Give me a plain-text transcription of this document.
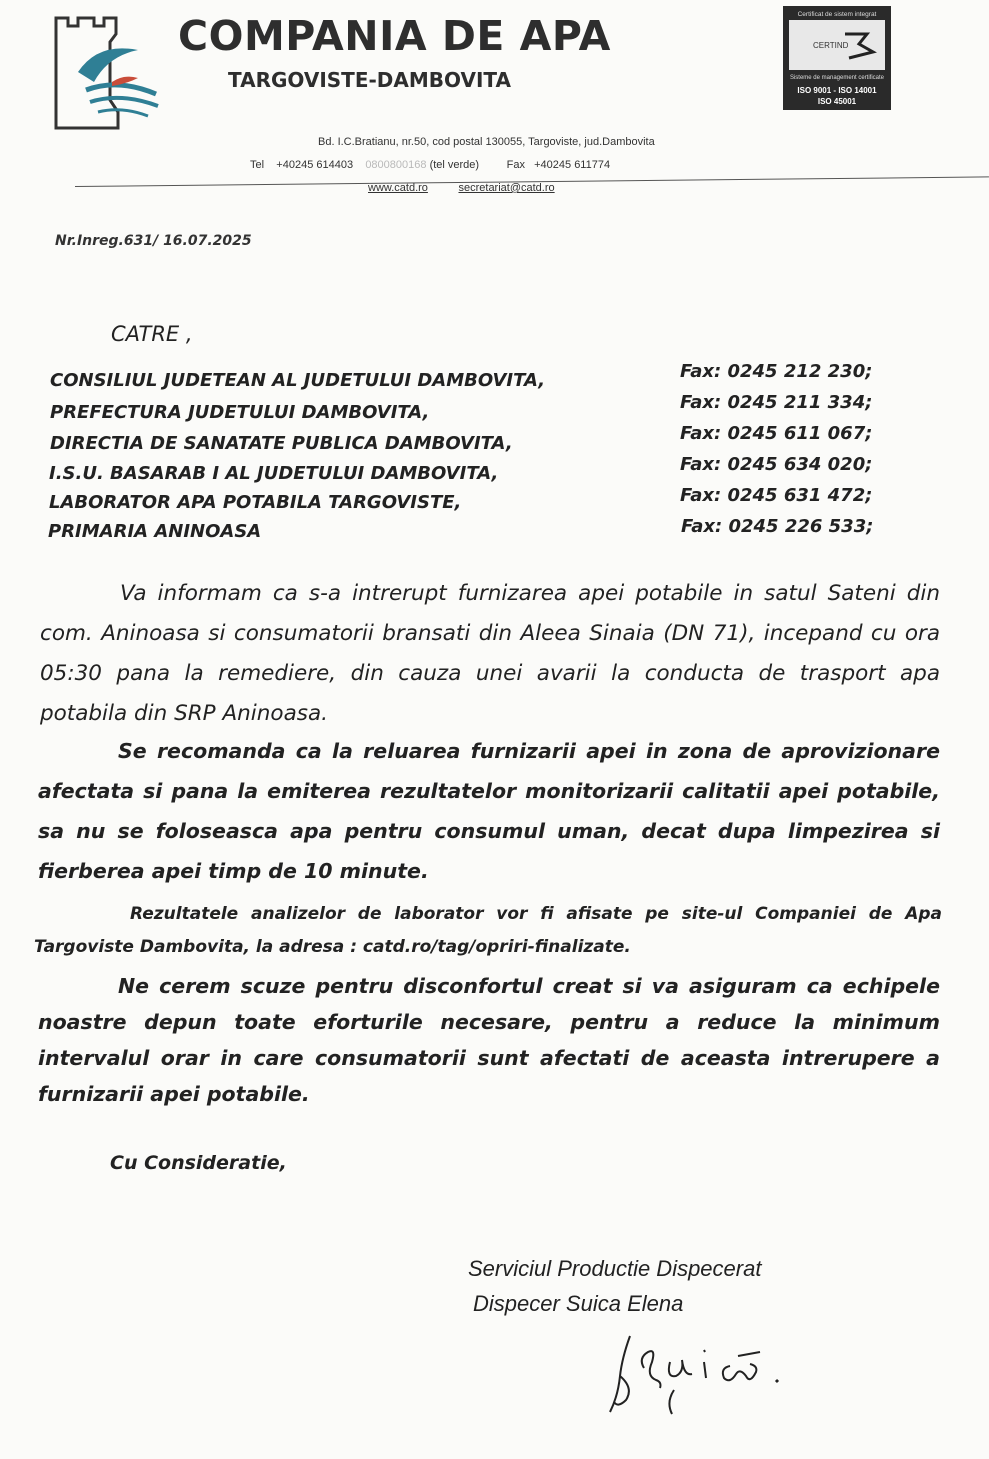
COMPANIA DE APA
TARGOVISTE-DAMBOVITA
Certificat de sistem integrat
CERTIND
Sisteme de management certificate
ISO 9001 - ISO 14001
ISO 45001
Bd. I.C.Bratianu, nr.50, cod postal 130055, Targoviste, jud.Dambovita
Tel +40245 614403 0800800168 (tel verde)	Fax +40245 611774
www.catd.ro	secretariat@catd.ro
Nr.Inreg.631/ 16.07.2025
CATRE ,
CONSILIUL JUDETEAN AL JUDETULUI DAMBOVITA,
PREFECTURA JUDETULUI DAMBOVITA,
DIRECTIA DE SANATATE PUBLICA DAMBOVITA,
I.S.U. BASARAB I AL JUDETULUI DAMBOVITA,
LABORATOR APA POTABILA TARGOVISTE,
PRIMARIA ANINOASA
Fax: 0245 212 230;
Fax: 0245 211 334;
Fax: 0245 611 067;
Fax: 0245 634 020;
Fax: 0245 631 472;
Fax: 0245 226 533;
Va informam ca s-a intrerupt furnizarea apei potabile in satul Sateni din com. Aninoasa si consumatorii bransati din Aleea Sinaia (DN 71), incepand cu ora 05:30 pana la remediere, din cauza unei avarii la conducta de trasport apa potabila din SRP Aninoasa.
Se recomanda ca la reluarea furnizarii apei in zona de aprovizionare afectata si pana la emiterea rezultatelor monitorizarii calitatii apei potabile, sa nu se foloseasca apa pentru consumul uman, decat dupa limpezirea si fierberea apei timp de 10 minute.
Rezultatele analizelor de laborator vor fi afisate pe site-ul Companiei de Apa Targoviste Dambovita, la adresa : catd.ro/tag/opriri-finalizate.
Ne cerem scuze pentru disconfortul creat si va asiguram ca echipele noastre depun toate eforturile necesare, pentru a reduce la minimum intervalul orar in care consumatorii sunt afectati de aceasta intrerupere a furnizarii apei potabile.
Cu Consideratie,
Serviciul Productie Dispecerat
Dispecer Suica Elena
